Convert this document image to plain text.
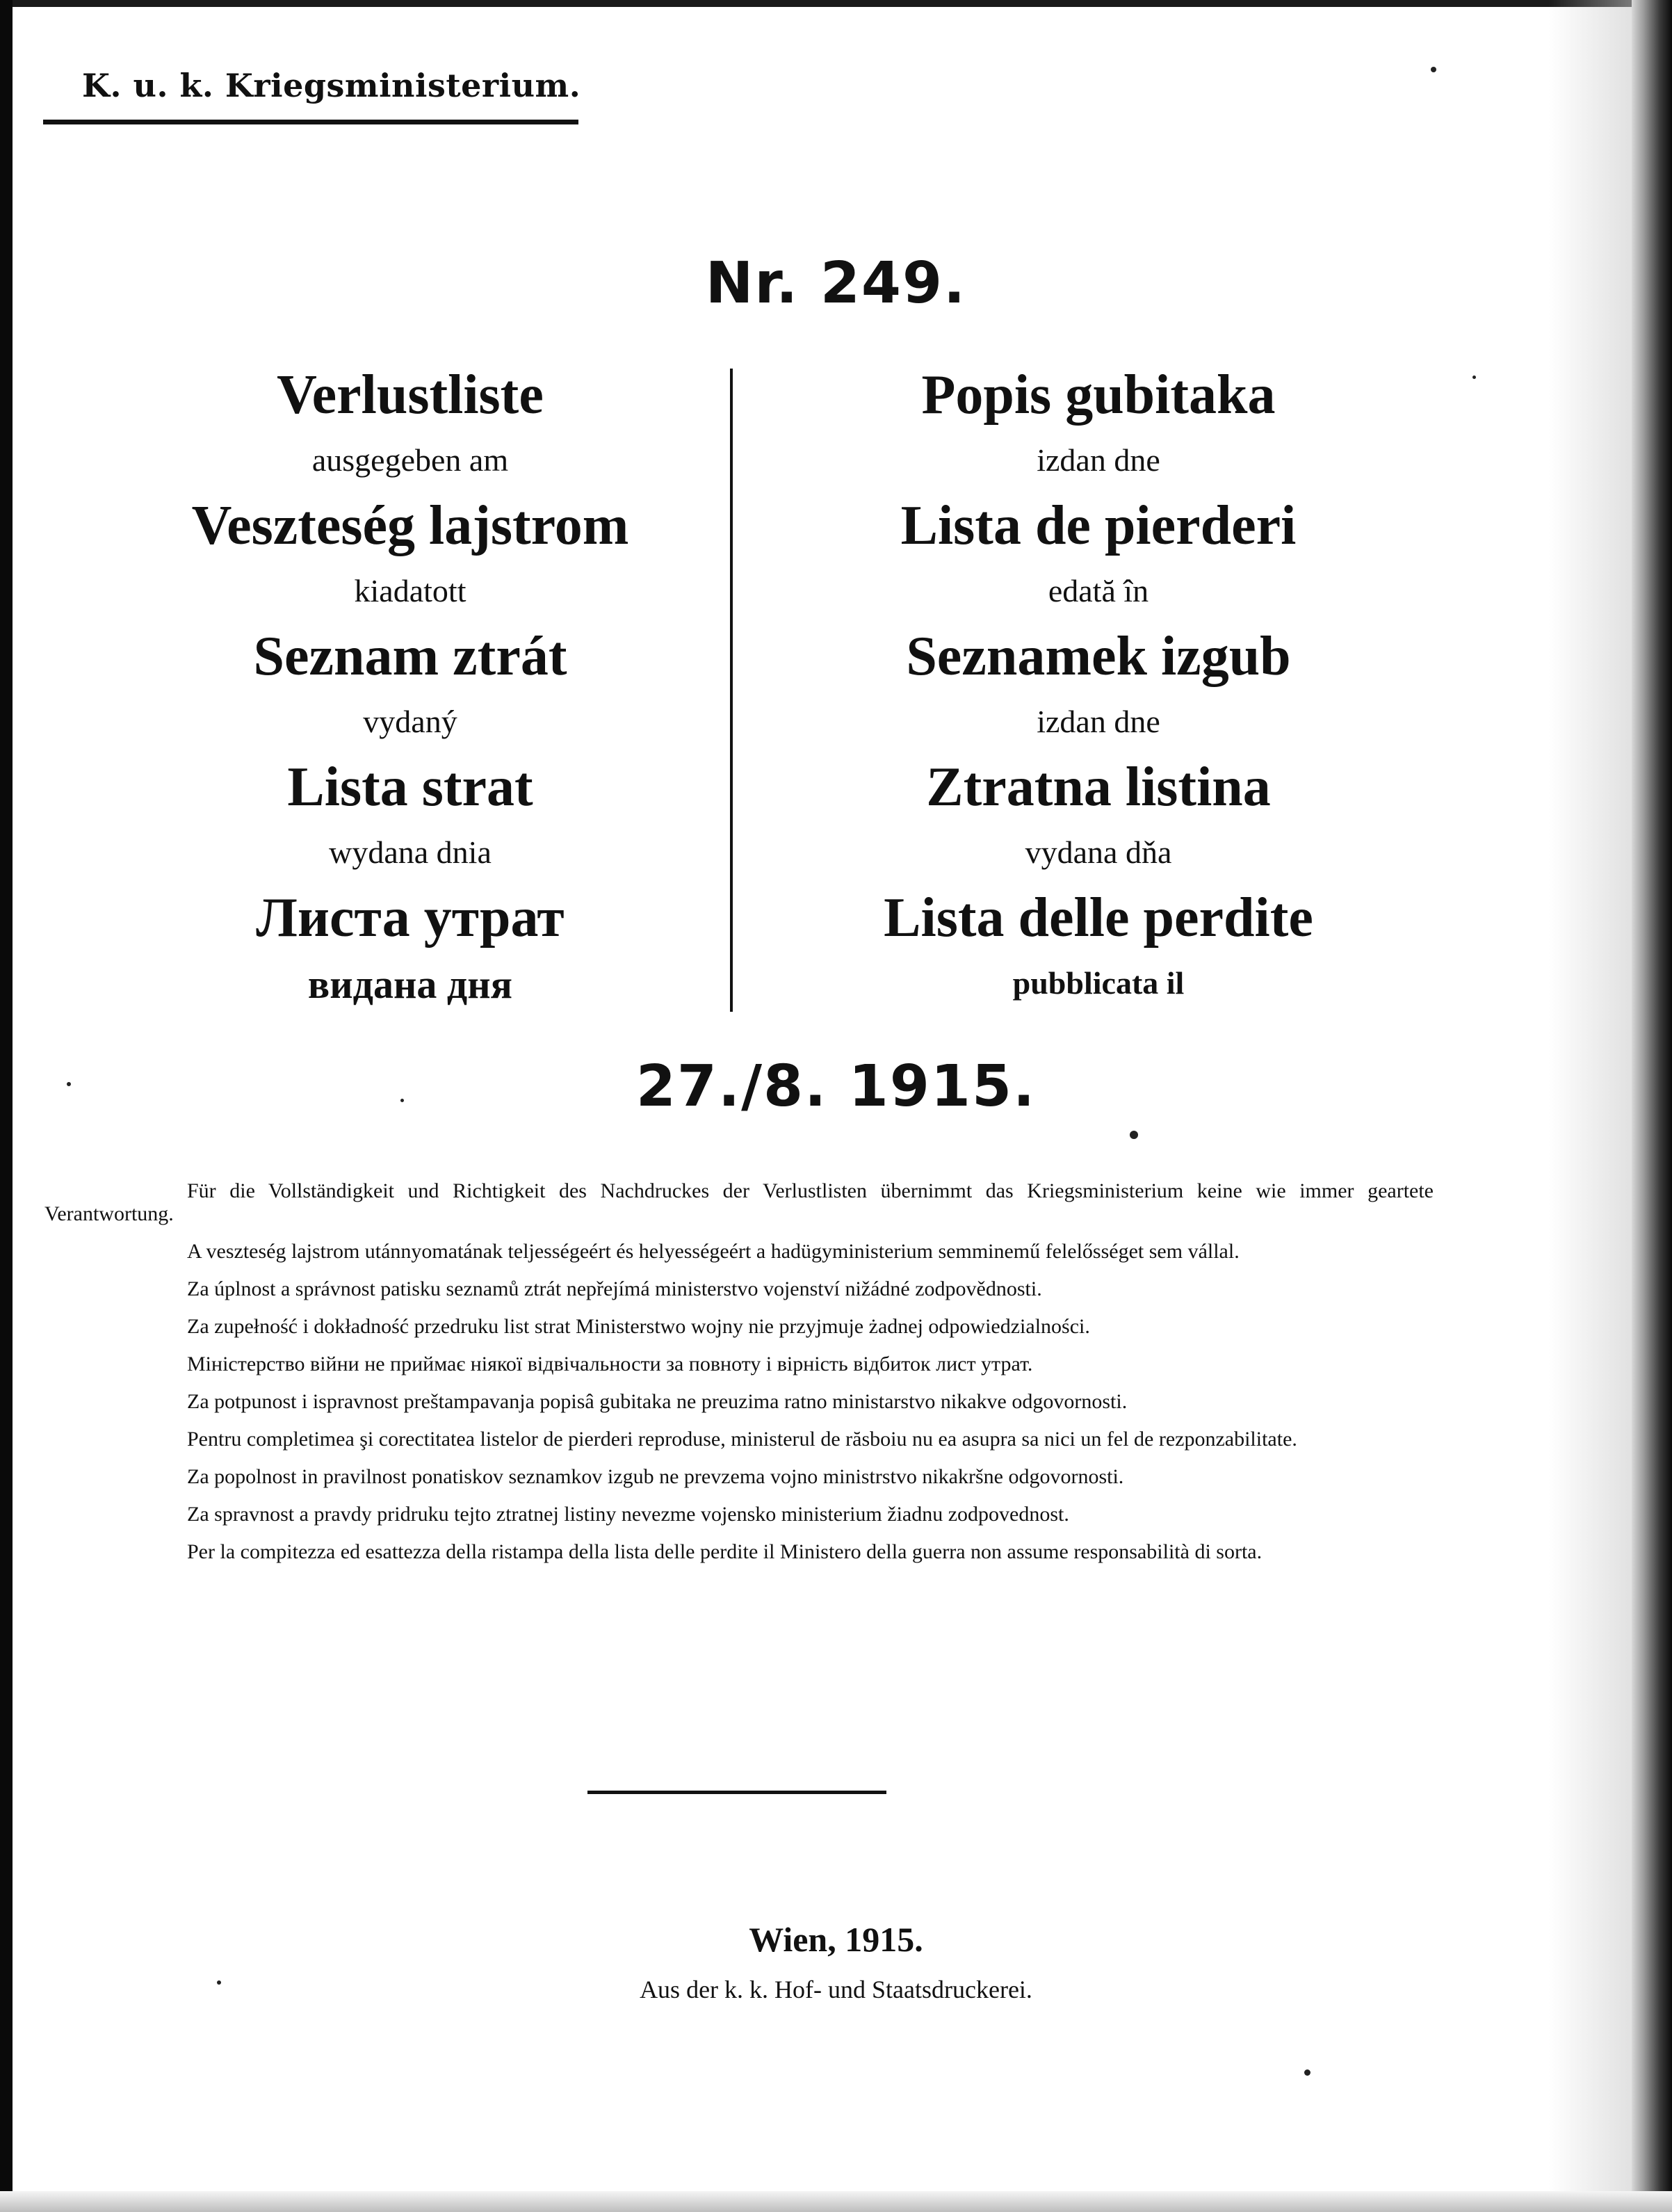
K. u. k. Kriegsministerium.
Nr. 249.
Verlustliste
ausgegeben am
Veszteség lajstrom
kiadatott
Seznam ztrát
vydaný
Lista strat
wydana dnia
Листа утрат
видана дня
Popis gubitaka
izdan dne
Lista de pierderi
edată în
Seznamek izgub
izdan dne
Ztratna listina
vydana dňa
Lista delle perdite
pubblicata il
27./8. 1915.

Für die Vollständigkeit und Richtigkeit des Nachdruckes der Verlustlisten übernimmt das Kriegsministerium keine wie immer geartete Verantwortung.

A veszteség lajstrom utánnyomatának teljességeért és helyességeért a hadügyministerium semminemű felelősséget sem vállal.

Za úplnost a správnost patisku seznamů ztrát nepřejímá ministerstvo vojenství nižádné zodpovědnosti.

Za zupełność i dokładność przedruku list strat Ministerstwo wojny nie przyjmuje żadnej odpowiedzialności.

Міністерство війни не приймає ніякої відвічальности за повноту і вірність відбиток лист утрат.

Za potpunost i ispravnost preštampavanja popisâ gubitaka ne preuzima ratno ministarstvo nikakve odgovornosti.

Pentru completimea şi corectitatea listelor de pierderi reproduse, ministerul de răsboiu nu ea asupra sa nici un fel de rezponzabilitate.

Za popolnost in pravilnost ponatiskov seznamkov izgub ne prevzema vojno ministrstvo nikakršne odgovornosti.

Za spravnost a pravdy pridruku tejto ztratnej listiny nevezme vojensko ministerium žiadnu zodpovednost.

Per la compitezza ed esattezza della ristampa della lista delle perdite il Ministero della guerra non assume responsabilità di sorta.

Wien, 1915.
Aus der k. k. Hof- und Staatsdruckerei.
